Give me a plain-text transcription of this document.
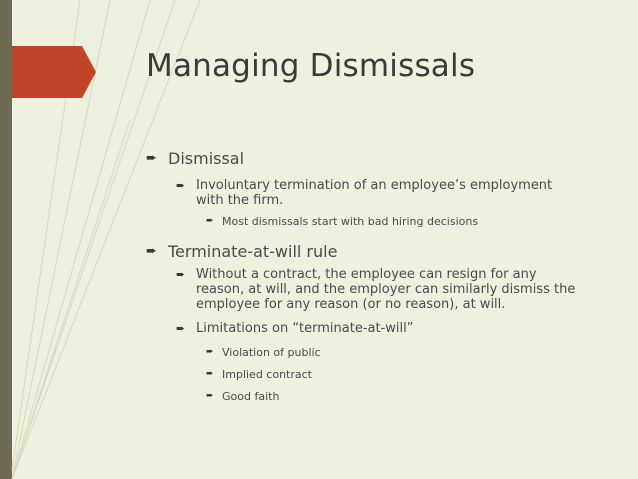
Managing Dismissals
➨ Dismissal
➨ Involuntary termination of an employee’s employment with the firm.
➨ Most dismissals start with bad hiring decisions
➨ Terminate-at-will rule
➨ Without a contract, the employee can resign for any reason, at will, and the employer can similarly dismiss the employee for any reason (or no reason), at will.
➨ Limitations on “terminate-at-will”
➨ Violation of public
➨ Implied contract
➨ Good faith
